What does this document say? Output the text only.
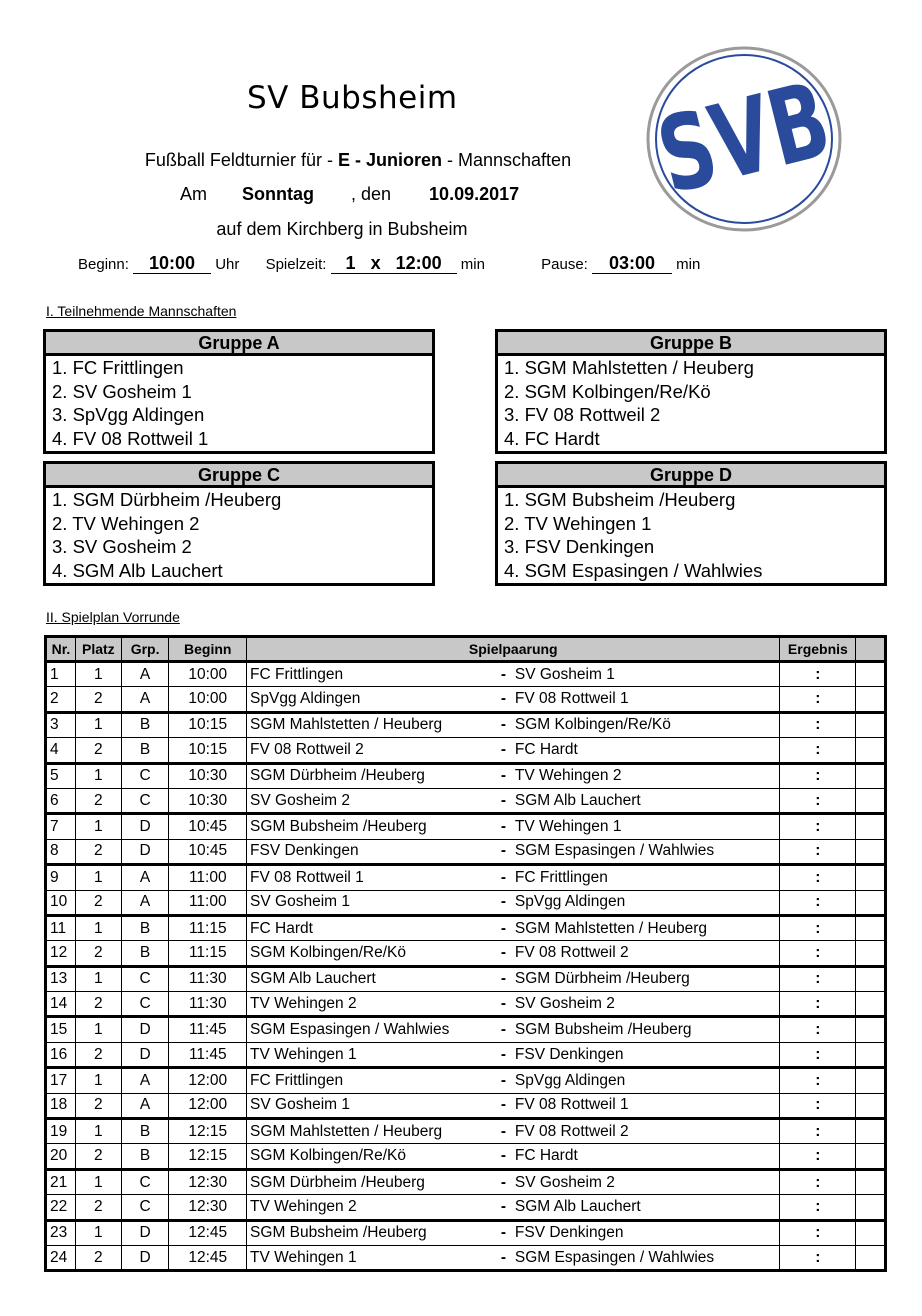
SV Bubsheim SVB
Fußball Feldturnier für - E - Junioren - Mannschaften
Am Sonntag , den 10.09.2017
auf dem Kirchberg in Bubsheim
Beginn: 10:00 Uhr Spielzeit: 1 x 12:00 min	Pause: 03:00 min
I. Teilnehmende Mannschaften
Gruppe A
1. FC Frittlingen
2. SV Gosheim 1
3. SpVgg Aldingen
4. FV 08 Rottweil 1
Gruppe B
1. SGM Mahlstetten / Heuberg
2. SGM Kolbingen/Re/Kö
3. FV 08 Rottweil 2
4. FC Hardt
Gruppe C
1. SGM Dürbheim /Heuberg
2. TV Wehingen 2
3. SV Gosheim 2
4. SGM Alb Lauchert
Gruppe D
1. SGM Bubsheim /Heuberg
2. TV Wehingen 1
3. FSV Denkingen
4. SGM Espasingen / Wahlwies
II. Spielplan Vorrunde
Nr.	Platz	Grp.	Beginn	Spielpaarung		Ergebnis	
1	1	A	10:00	FC Frittlingen	- SV Gosheim 1	:	
2	2	A	10:00	SpVgg Aldingen	- FV 08 Rottweil 1	:	
3	1	B	10:15	SGM Mahlstetten / Heuberg	- SGM Kolbingen/Re/Kö	:	
4	2	B	10:15	FV 08 Rottweil 2	- FC Hardt	:	
5	1	C	10:30	SGM Dürbheim /Heuberg	- TV Wehingen 2	:	
6	2	C	10:30	SV Gosheim 2	- SGM Alb Lauchert	:	
7	1	D	10:45	SGM Bubsheim /Heuberg	- TV Wehingen 1	:	
8	2	D	10:45	FSV Denkingen	- SGM Espasingen / Wahlwies	:	
9	1	A	11:00	FV 08 Rottweil 1	- FC Frittlingen	:	
10	2	A	11:00	SV Gosheim 1	- SpVgg Aldingen	:	
11	1	B	11:15	FC Hardt	- SGM Mahlstetten / Heuberg	:	
12	2	B	11:15	SGM Kolbingen/Re/Kö	- FV 08 Rottweil 2	:	
13	1	C	11:30	SGM Alb Lauchert	- SGM Dürbheim /Heuberg	:	
14	2	C	11:30	TV Wehingen 2	- SV Gosheim 2	:	
15	1	D	11:45	SGM Espasingen / Wahlwies	- SGM Bubsheim /Heuberg	:	
16	2	D	11:45	TV Wehingen 1	- FSV Denkingen	:	
17	1	A	12:00	FC Frittlingen	- SpVgg Aldingen	:	
18	2	A	12:00	SV Gosheim 1	- FV 08 Rottweil 1	:	
19	1	B	12:15	SGM Mahlstetten / Heuberg	- FV 08 Rottweil 2	:	
20	2	B	12:15	SGM Kolbingen/Re/Kö	- FC Hardt	:	
21	1	C	12:30	SGM Dürbheim /Heuberg	- SV Gosheim 2	:	
22	2	C	12:30	TV Wehingen 2	- SGM Alb Lauchert	:	
23	1	D	12:45	SGM Bubsheim /Heuberg	- FSV Denkingen	:	
24	2	D	12:45	TV Wehingen 1	- SGM Espasingen / Wahlwies	:	
